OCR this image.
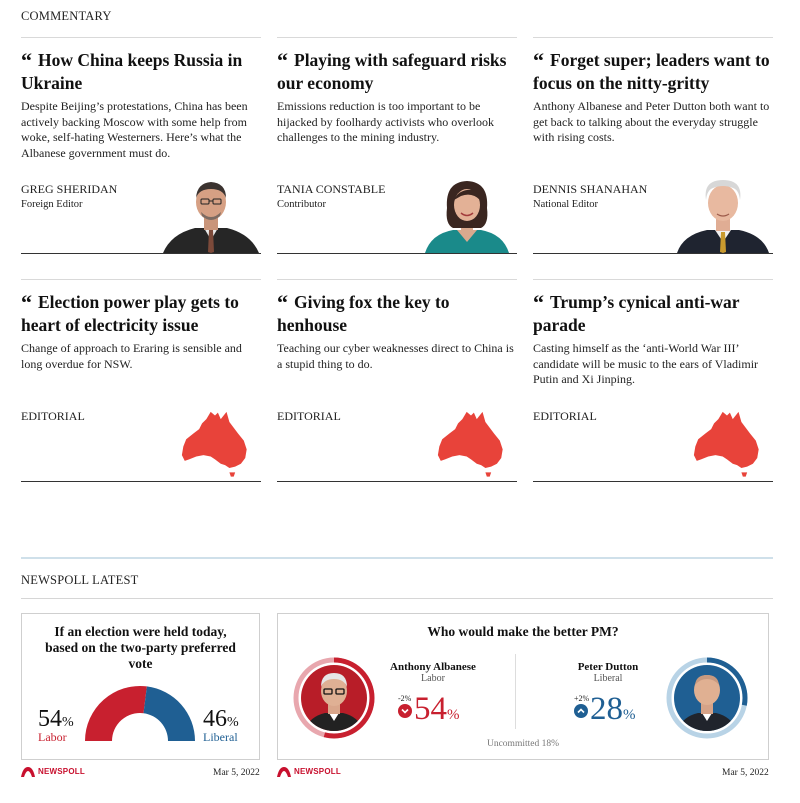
COMMENTARY
“ How China keeps Russia in Ukraine
Despite Beijing’s protestations, China has been actively backing Moscow with some help from woke, self-hating Westerners. Here’s what the Albanese government must do.
GREG SHERIDAN
Foreign Editor
“ Playing with safeguard risks our economy
Emissions reduction is too important to be hijacked by foolhardy activists who overlook challenges to the mining industry.
TANIA CONSTABLE
Contributor
“ Forget super; leaders want to focus on the nitty-gritty
Anthony Albanese and Peter Dutton both want to get back to talking about the everyday struggle with rising costs.
DENNIS SHANAHAN
National Editor
“ Election power play gets to heart of electricity issue
Change of approach to Eraring is sensible and long overdue for NSW.
EDITORIAL
“ Giving fox the key to henhouse
Teaching our cyber weaknesses direct to China is a stupid thing to do.
EDITORIAL
“ Trump’s cynical anti-war parade
Casting himself as the ‘anti-World War III’ candidate will be music to the ears of Vladimir Putin and Xi Jinping.
EDITORIAL
NEWSPOLL LATEST
If an election were held today, based on the two-party preferred vote
54%
Labor
46%
Liberal
Who would make the better PM?
Anthony Albanese
Labor
-2% 54%
Peter Dutton
Liberal
+2% 28%
Uncommitted 18%
NEWSPOLL	Mar 5, 2022	NEWSPOLL	Mar 5, 2022
